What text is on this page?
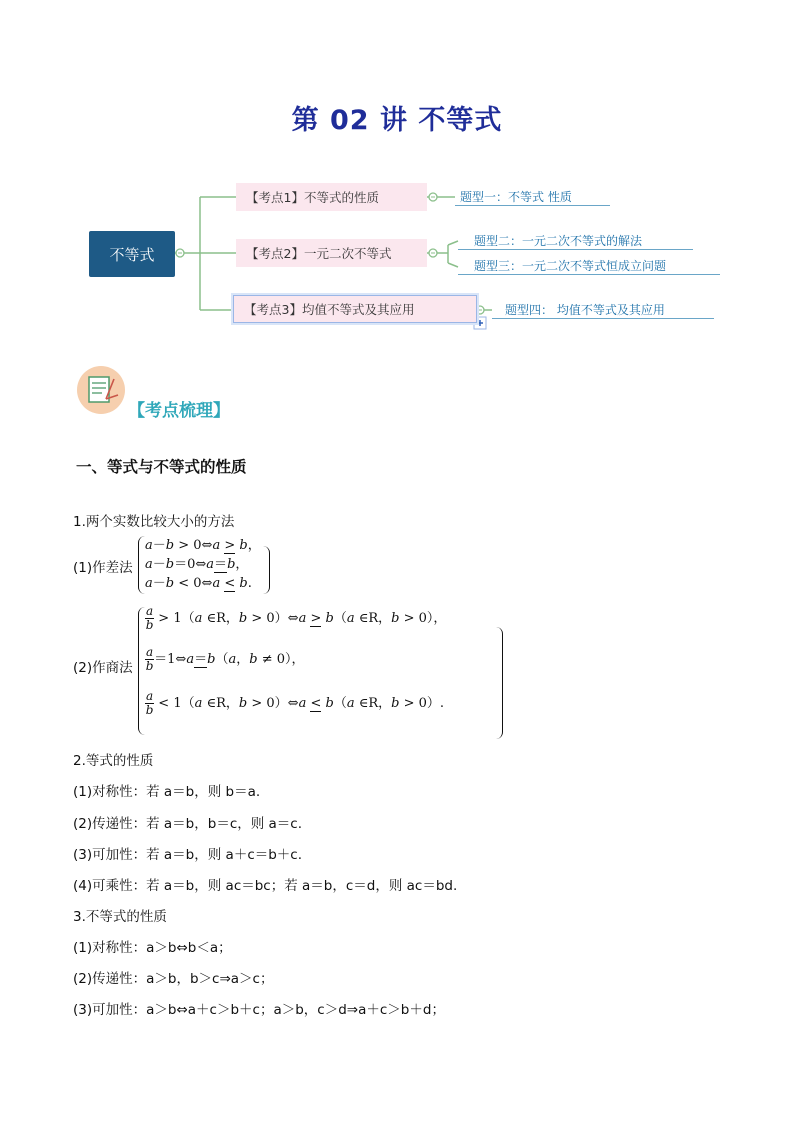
第 02 讲 不等式
不等式
【考点1】不等式的性质
【考点2】一元二次不等式
【考点3】均值不等式及其应用
题型一：不等式 性质
题型二：一元二次不等式的解法
题型三：一元二次不等式恒成立问题
题型四： 均值不等式及其应用
【考点梳理】
一、等式与不等式的性质
1.两个实数比较大小的方法
(1)作差法
a－b > 0⇔a > b，
a－b＝0⇔a＝b，
a－b < 0⇔a < b.
(2)作商法
$\frac{a}{b} > 1(a$ ∈R，b > 0）⇔a > b（a ∈R，b > 0），
$\frac{a}{b}$ ＝1⇔a＝b（a，b ≠ 0），
$\frac{a}{b} < 1(a$ ∈R，b > 0）⇔a < b（a ∈R，b > 0）.
2.等式的性质
(1)对称性：若 a＝b，则 b＝a.
(2)传递性：若 a＝b，b＝c，则 a＝c.
(3)可加性：若 a＝b，则 a＋c＝b＋c.
(4)可乘性：若 a＝b，则 ac＝bc；若 a＝b，c＝d，则 ac＝bd.
3.不等式的性质
(1)对称性：a＞b⇔b＜a；
(2)传递性：a＞b，b＞c⇒a＞c；
(3)可加性：a＞b⇔a＋c＞b＋c；a＞b，c＞d⇒a＋c＞b＋d；
